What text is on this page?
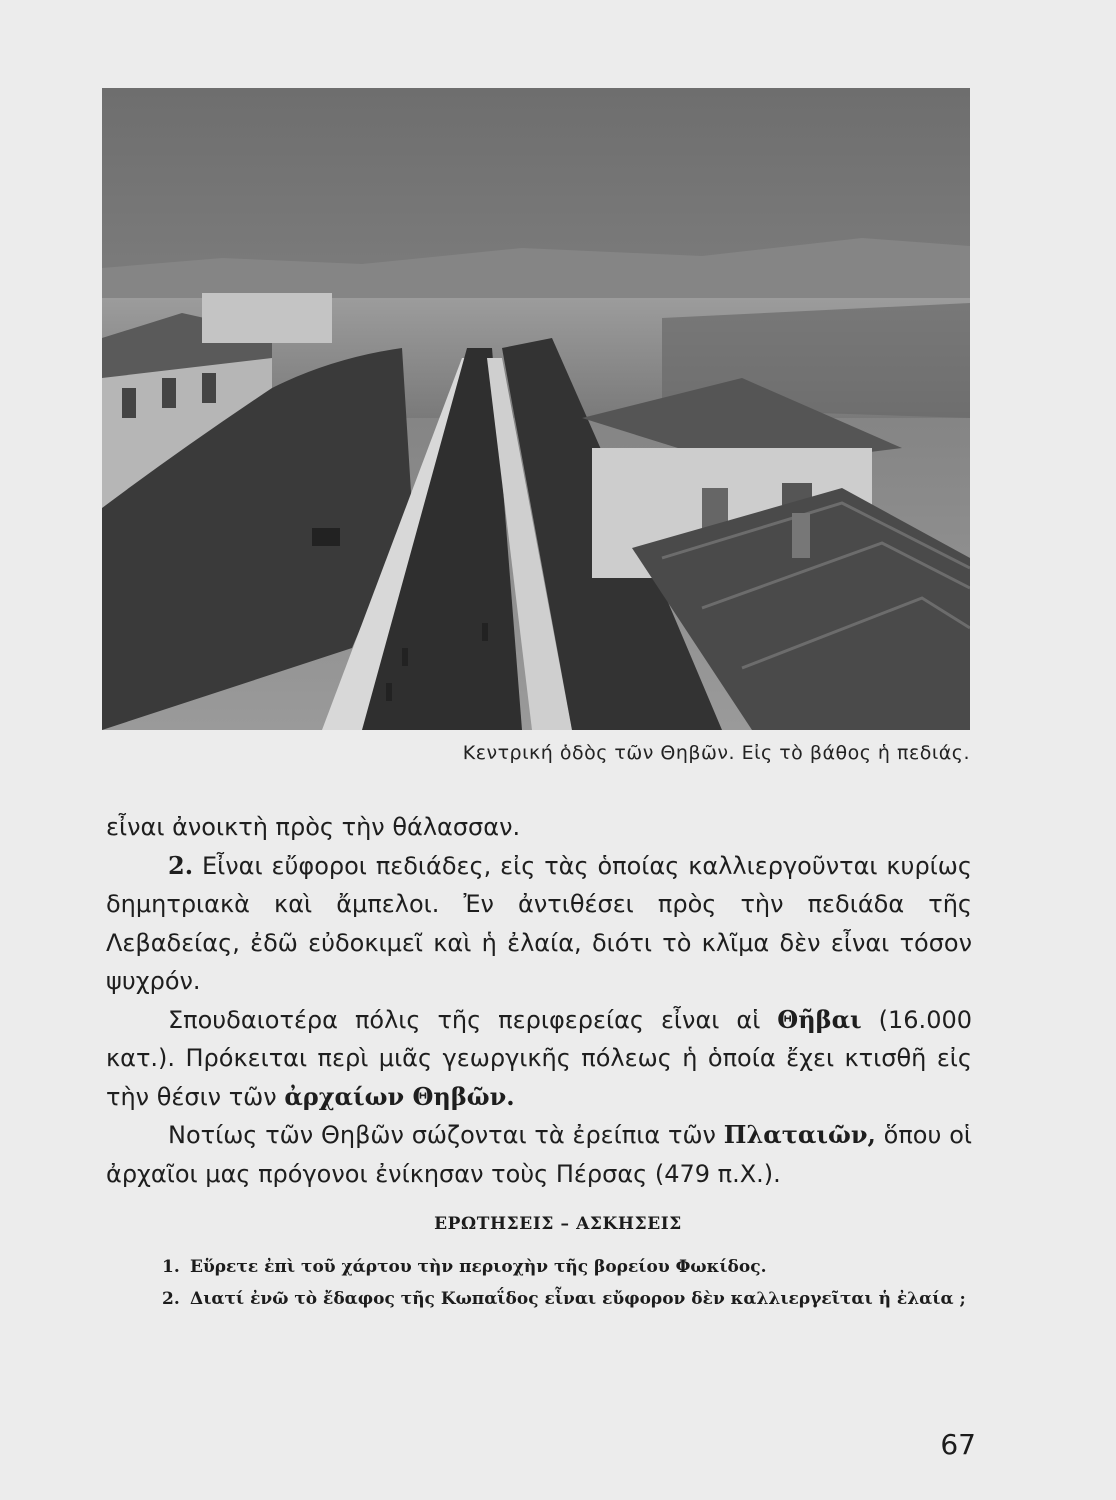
Κεντρική ὁδὸς τῶν Θηβῶν. Εἰς τὸ βάθος ἡ πεδιάς.

εἶναι ἀνοικτὴ πρὸς τὴν θάλασσαν.

2. Εἶναι εὔφοροι πεδιάδες, εἰς τὰς ὁποίας καλλιεργοῦνται κυρίως δημητριακὰ καὶ ἄμπελοι. Ἐν ἀντιθέσει πρὸς τὴν πεδιάδα τῆς Λεβαδείας, ἐδῶ εὐδοκιμεῖ καὶ ἡ ἐλαία, διότι τὸ κλῖμα δὲν εἶναι τόσον ψυχρόν.

Σπουδαιοτέρα πόλις τῆς περιφερείας εἶναι αἱ Θῆβαι (16.000 κατ.). Πρόκειται περὶ μιᾶς γεωργικῆς πόλεως ἡ ὁποία ἔχει κτισθῆ εἰς τὴν θέσιν τῶν ἀρχαίων Θηβῶν.

Νοτίως τῶν Θηβῶν σώζονται τὰ ἐρείπια τῶν Πλαταιῶν, ὅπου οἱ ἀρχαῖοι μας πρόγονοι ἐνίκησαν τοὺς Πέρσας (479 π.Χ.).

ΕΡΩΤΗΣΕΙΣ – ΑΣΚΗΣΕΙΣ
1. Εὕρετε ἐπὶ τοῦ χάρτου τὴν περιοχὴν τῆς βορείου Φωκίδος.
2. Διατί ἐνῶ τὸ ἔδαφος τῆς Κωπαΐδος εἶναι εὔφορον δὲν καλλιεργεῖται ἡ ἐλαία ;
67
